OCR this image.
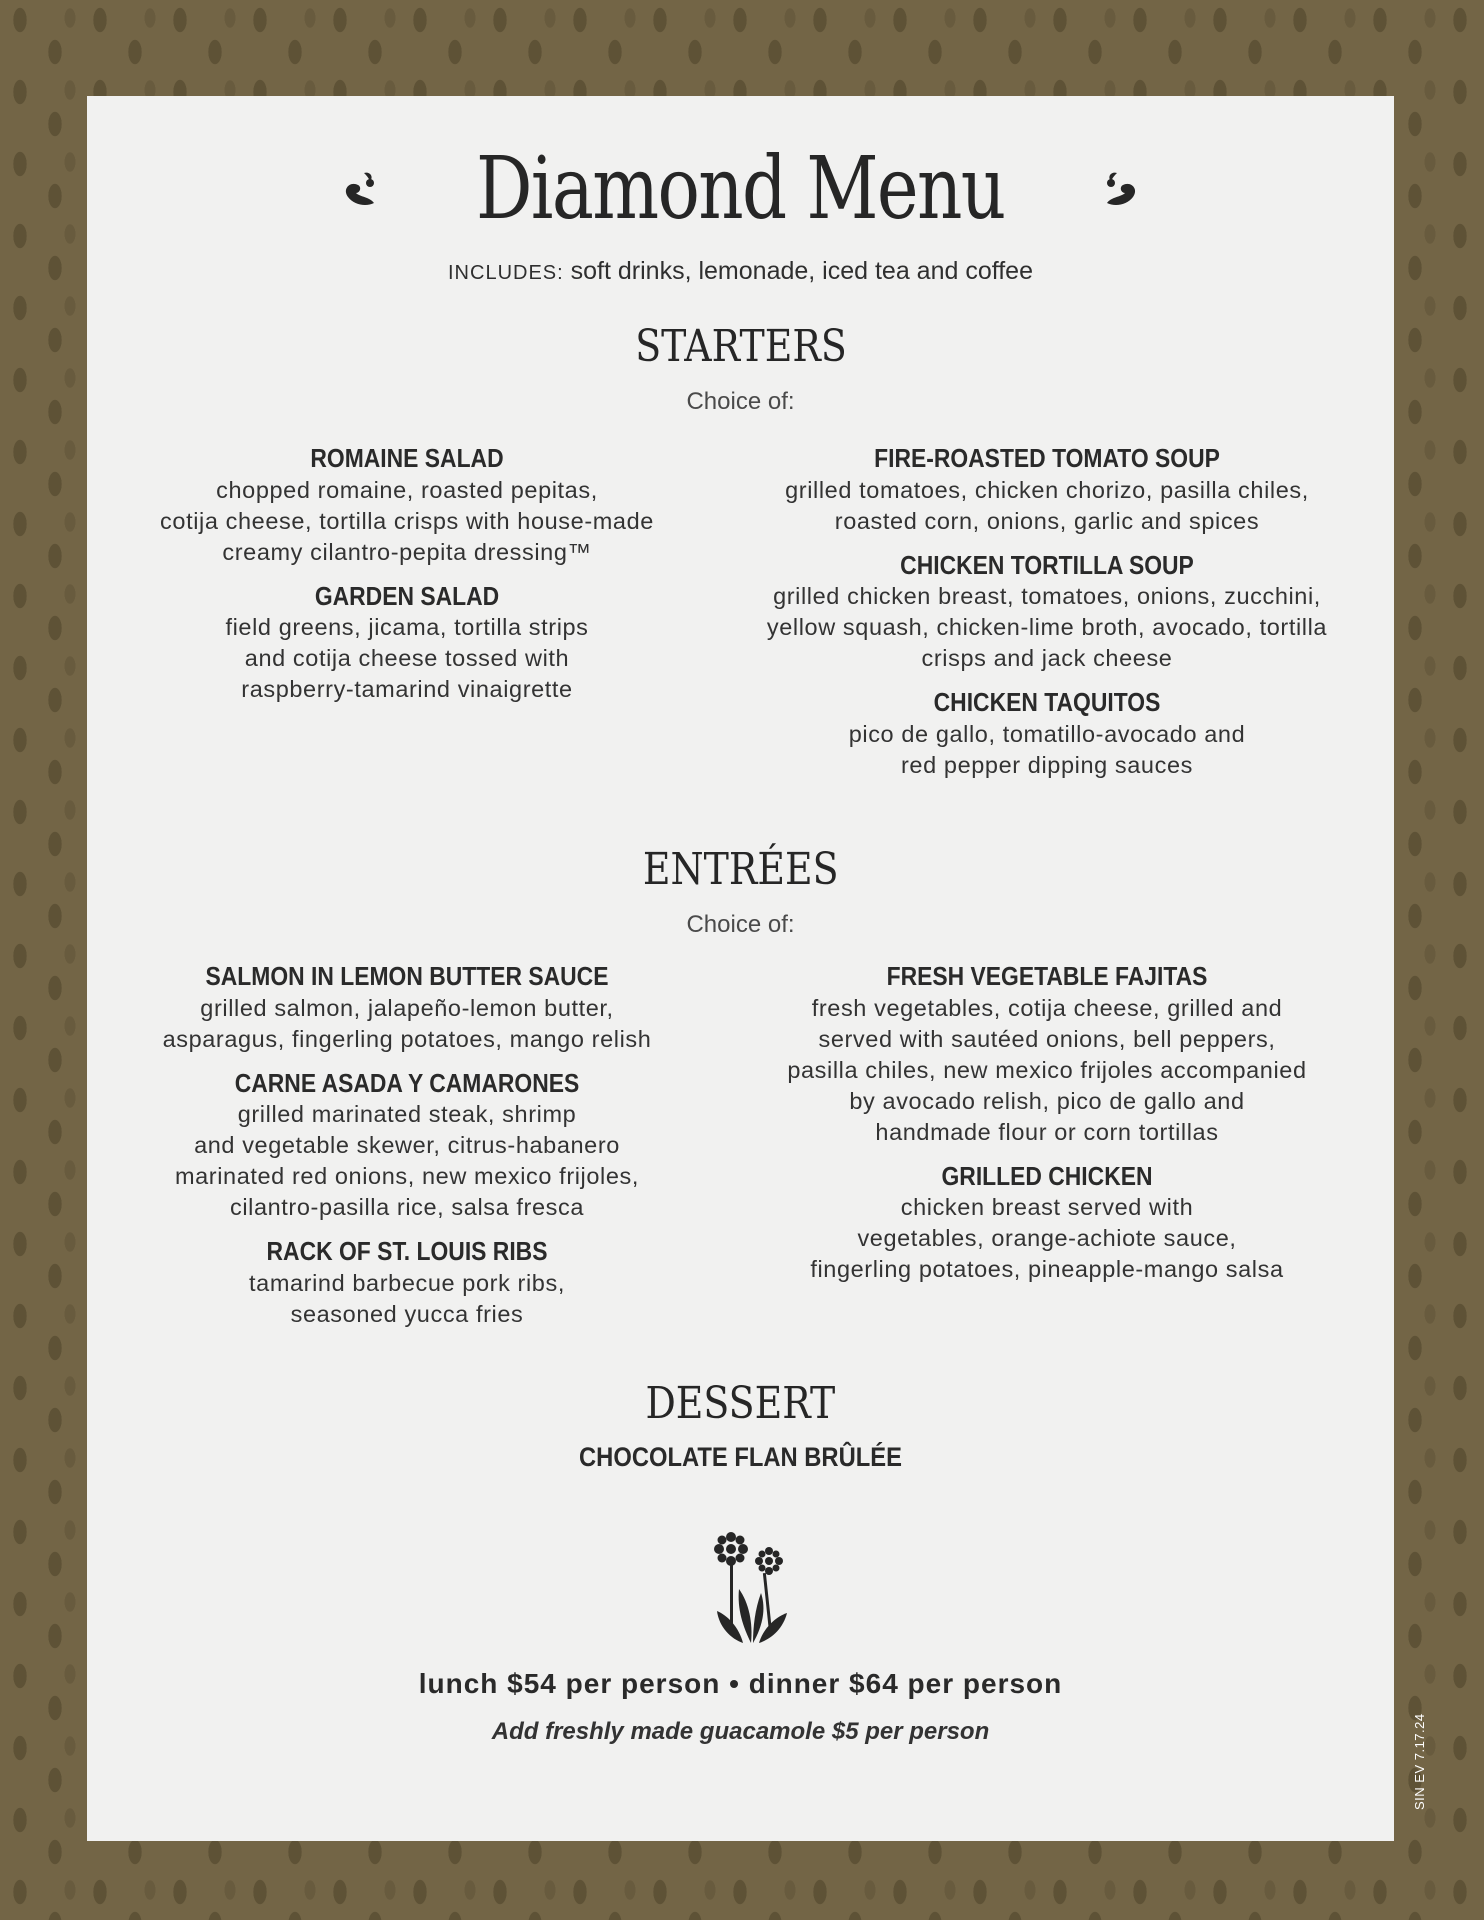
Diamond Menu
INCLUDES: soft drinks, lemonade, iced tea and coffee
STARTERS
Choice of:
ROMAINE SALAD
chopped romaine, roasted pepitas,
cotija cheese, tortilla crisps with house-made
creamy cilantro-pepita dressing™
GARDEN SALAD
field greens, jicama, tortilla strips
and cotija cheese tossed with
raspberry-tamarind vinaigrette
FIRE-ROASTED TOMATO SOUP
grilled tomatoes, chicken chorizo, pasilla chiles,
roasted corn, onions, garlic and spices
CHICKEN TORTILLA SOUP
grilled chicken breast, tomatoes, onions, zucchini,
yellow squash, chicken-lime broth, avocado, tortilla
crisps and jack cheese
CHICKEN TAQUITOS
pico de gallo, tomatillo-avocado and
red pepper dipping sauces
ENTRÉES
Choice of:
SALMON IN LEMON BUTTER SAUCE
grilled salmon, jalapeño-lemon butter,
asparagus, fingerling potatoes, mango relish
CARNE ASADA Y CAMARONES
grilled marinated steak, shrimp
and vegetable skewer, citrus-habanero
marinated red onions, new mexico frijoles,
cilantro-pasilla rice, salsa fresca
RACK OF ST. LOUIS RIBS
tamarind barbecue pork ribs,
seasoned yucca fries
FRESH VEGETABLE FAJITAS
fresh vegetables, cotija cheese, grilled and
served with sautéed onions, bell peppers,
pasilla chiles, new mexico frijoles accompanied
by avocado relish, pico de gallo and
handmade flour or corn tortillas
GRILLED CHICKEN
chicken breast served with
vegetables, orange-achiote sauce,
fingerling potatoes, pineapple-mango salsa
DESSERT
CHOCOLATE FLAN BRÛLÉE
lunch $54 per person • dinner $64 per person
Add freshly made guacamole $5 per person	SIN EV 7.17.24
